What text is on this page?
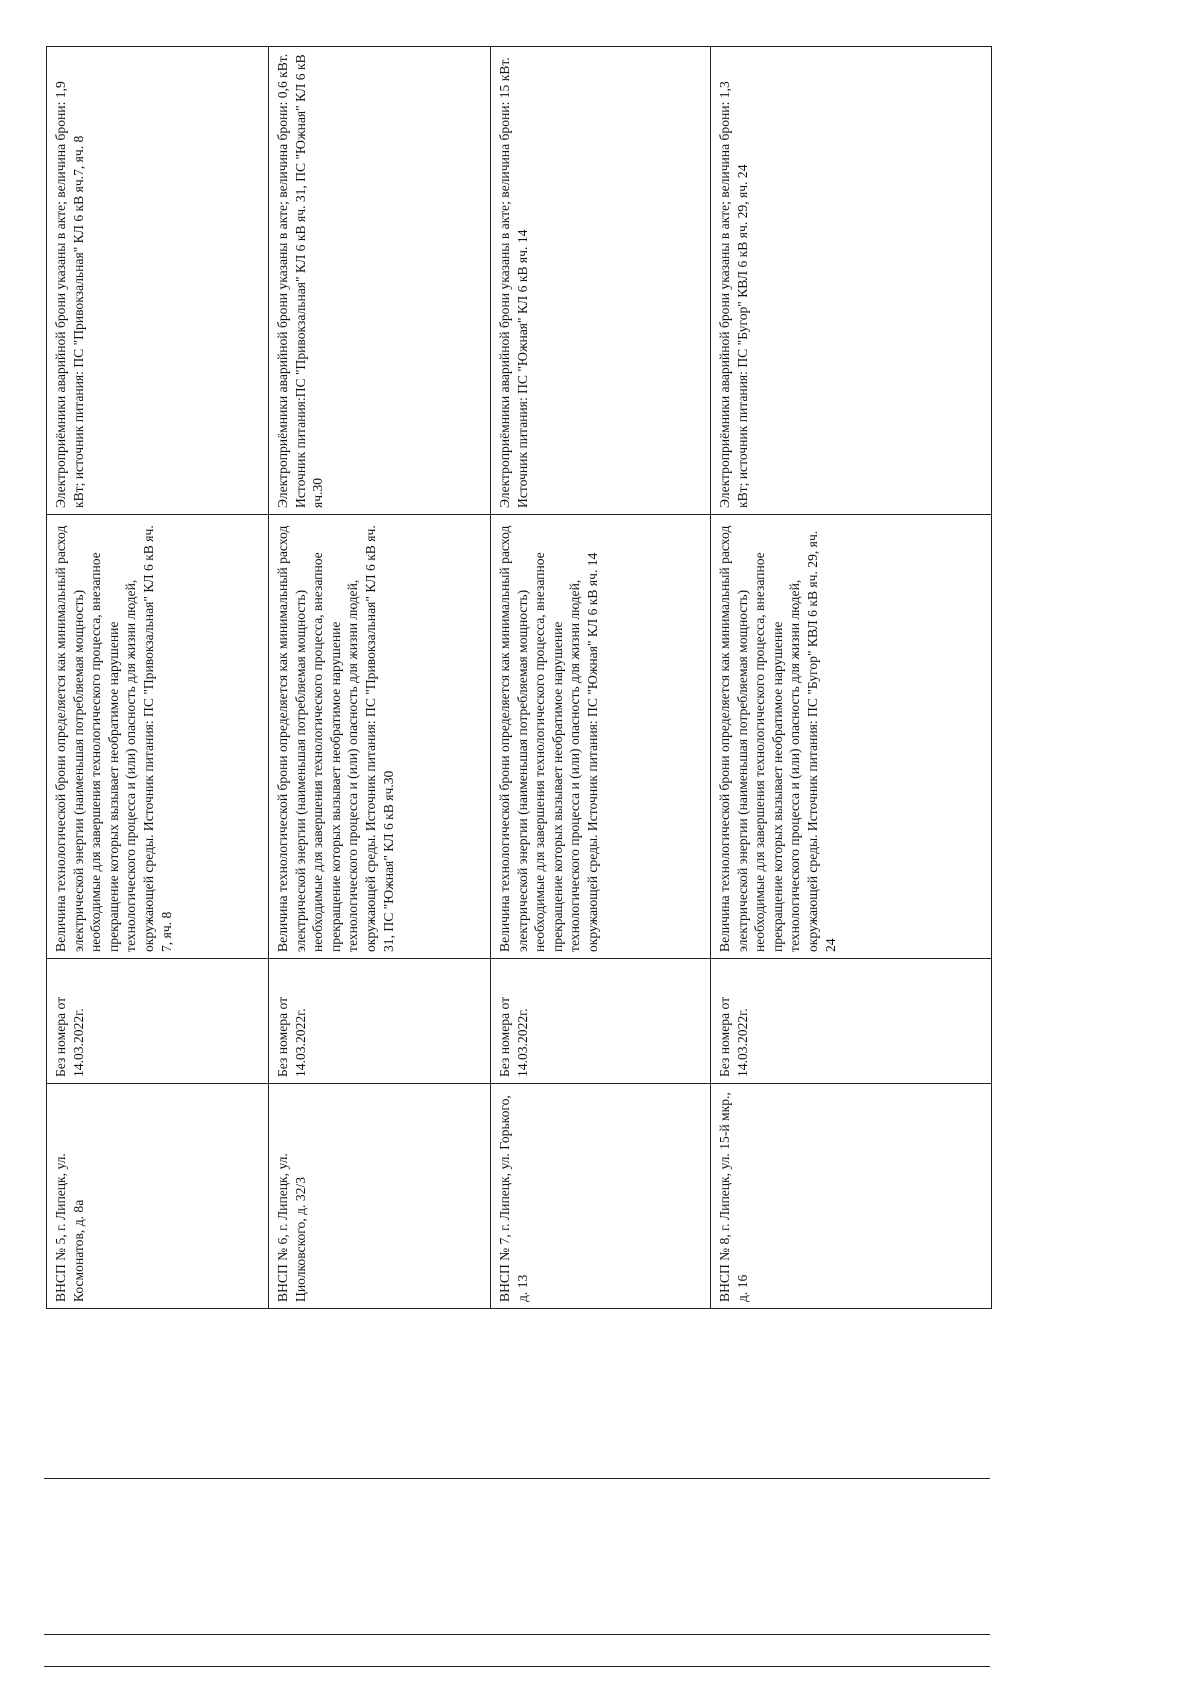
ВНСП № 5, г. Липецк, ул. Космонатов, д. 8а	Без номера от 14.03.2022г.	Величина технологической брони определяется как минимальный расход электрической энергии (наименьшая потребляемая мощность) необходимые для завершения технологического процесса, внезапное прекращение которых вызывает необратимое нарушение технологического процесса и (или) опасность для жизни людей, окружающей среды. Источник питания: ПС "Привокзальная" КЛ 6 кВ яч. 7, яч. 8	Электроприёмники аварийной брони указаны в акте; величина брони: 1,9 кВт; источник питания: ПС "Привокзальная" КЛ 6 кВ яч.7, яч. 8
ВНСП № 6, г. Липецк, ул. Циолковского, д. 32/3	Без номера от 14.03.2022г.	Величина технологической брони определяется как минимальный расход электрической энергии (наименьшая потребляемая мощность) необходимые для завершения технологического процесса, внезапное прекращение которых вызывает необратимое нарушение технологического процесса и (или) опасность для жизни людей, окружающей среды. Источник питания: ПС "Привокзальная" КЛ 6 кВ яч. 31, ПС "Южная" КЛ 6 кВ яч.30	Электроприёмники аварийной брони указаны в акте; величина брони: 0,6 кВт. Источник питания:ПС "Привокзальная" КЛ 6 кВ яч. 31, ПС "Южная" КЛ 6 кВ яч.30
ВНСП № 7, г. Липецк, ул. Горького, д. 13	Без номера от 14.03.2022г.	Величина технологической брони определяется как минимальный расход электрической энергии (наименьшая потребляемая мощность) необходимые для завершения технологического процесса, внезапное прекращение которых вызывает необратимое нарушение технологического процесса и (или) опасность для жизни людей, окружающей среды. Источник питания: ПС "Южная" КЛ 6 кВ яч. 14	Электроприёмники аварийной брони указаны в акте; величина брони: 15 кВт. Источник питания: ПС "Южная" КЛ 6 кВ яч. 14
ВНСП № 8, г. Липецк, ул. 15-й мкр., д. 16	Без номера от 14.03.2022г.	Величина технологической брони определяется как минимальный расход электрической энергии (наименьшая потребляемая мощность) необходимые для завершения технологического процесса, внезапное прекращение которых вызывает необратимое нарушение технологического процесса и (или) опасность для жизни людей, окружающей среды. Источник питания: ПС "Бугор" КВЛ 6 кВ яч. 29, яч. 24	Электроприёмники аварийной брони указаны в акте; величина брони: 1,3 кВт; источник питания: ПС "Бугор" КВЛ 6 кВ яч. 29, яч. 24
